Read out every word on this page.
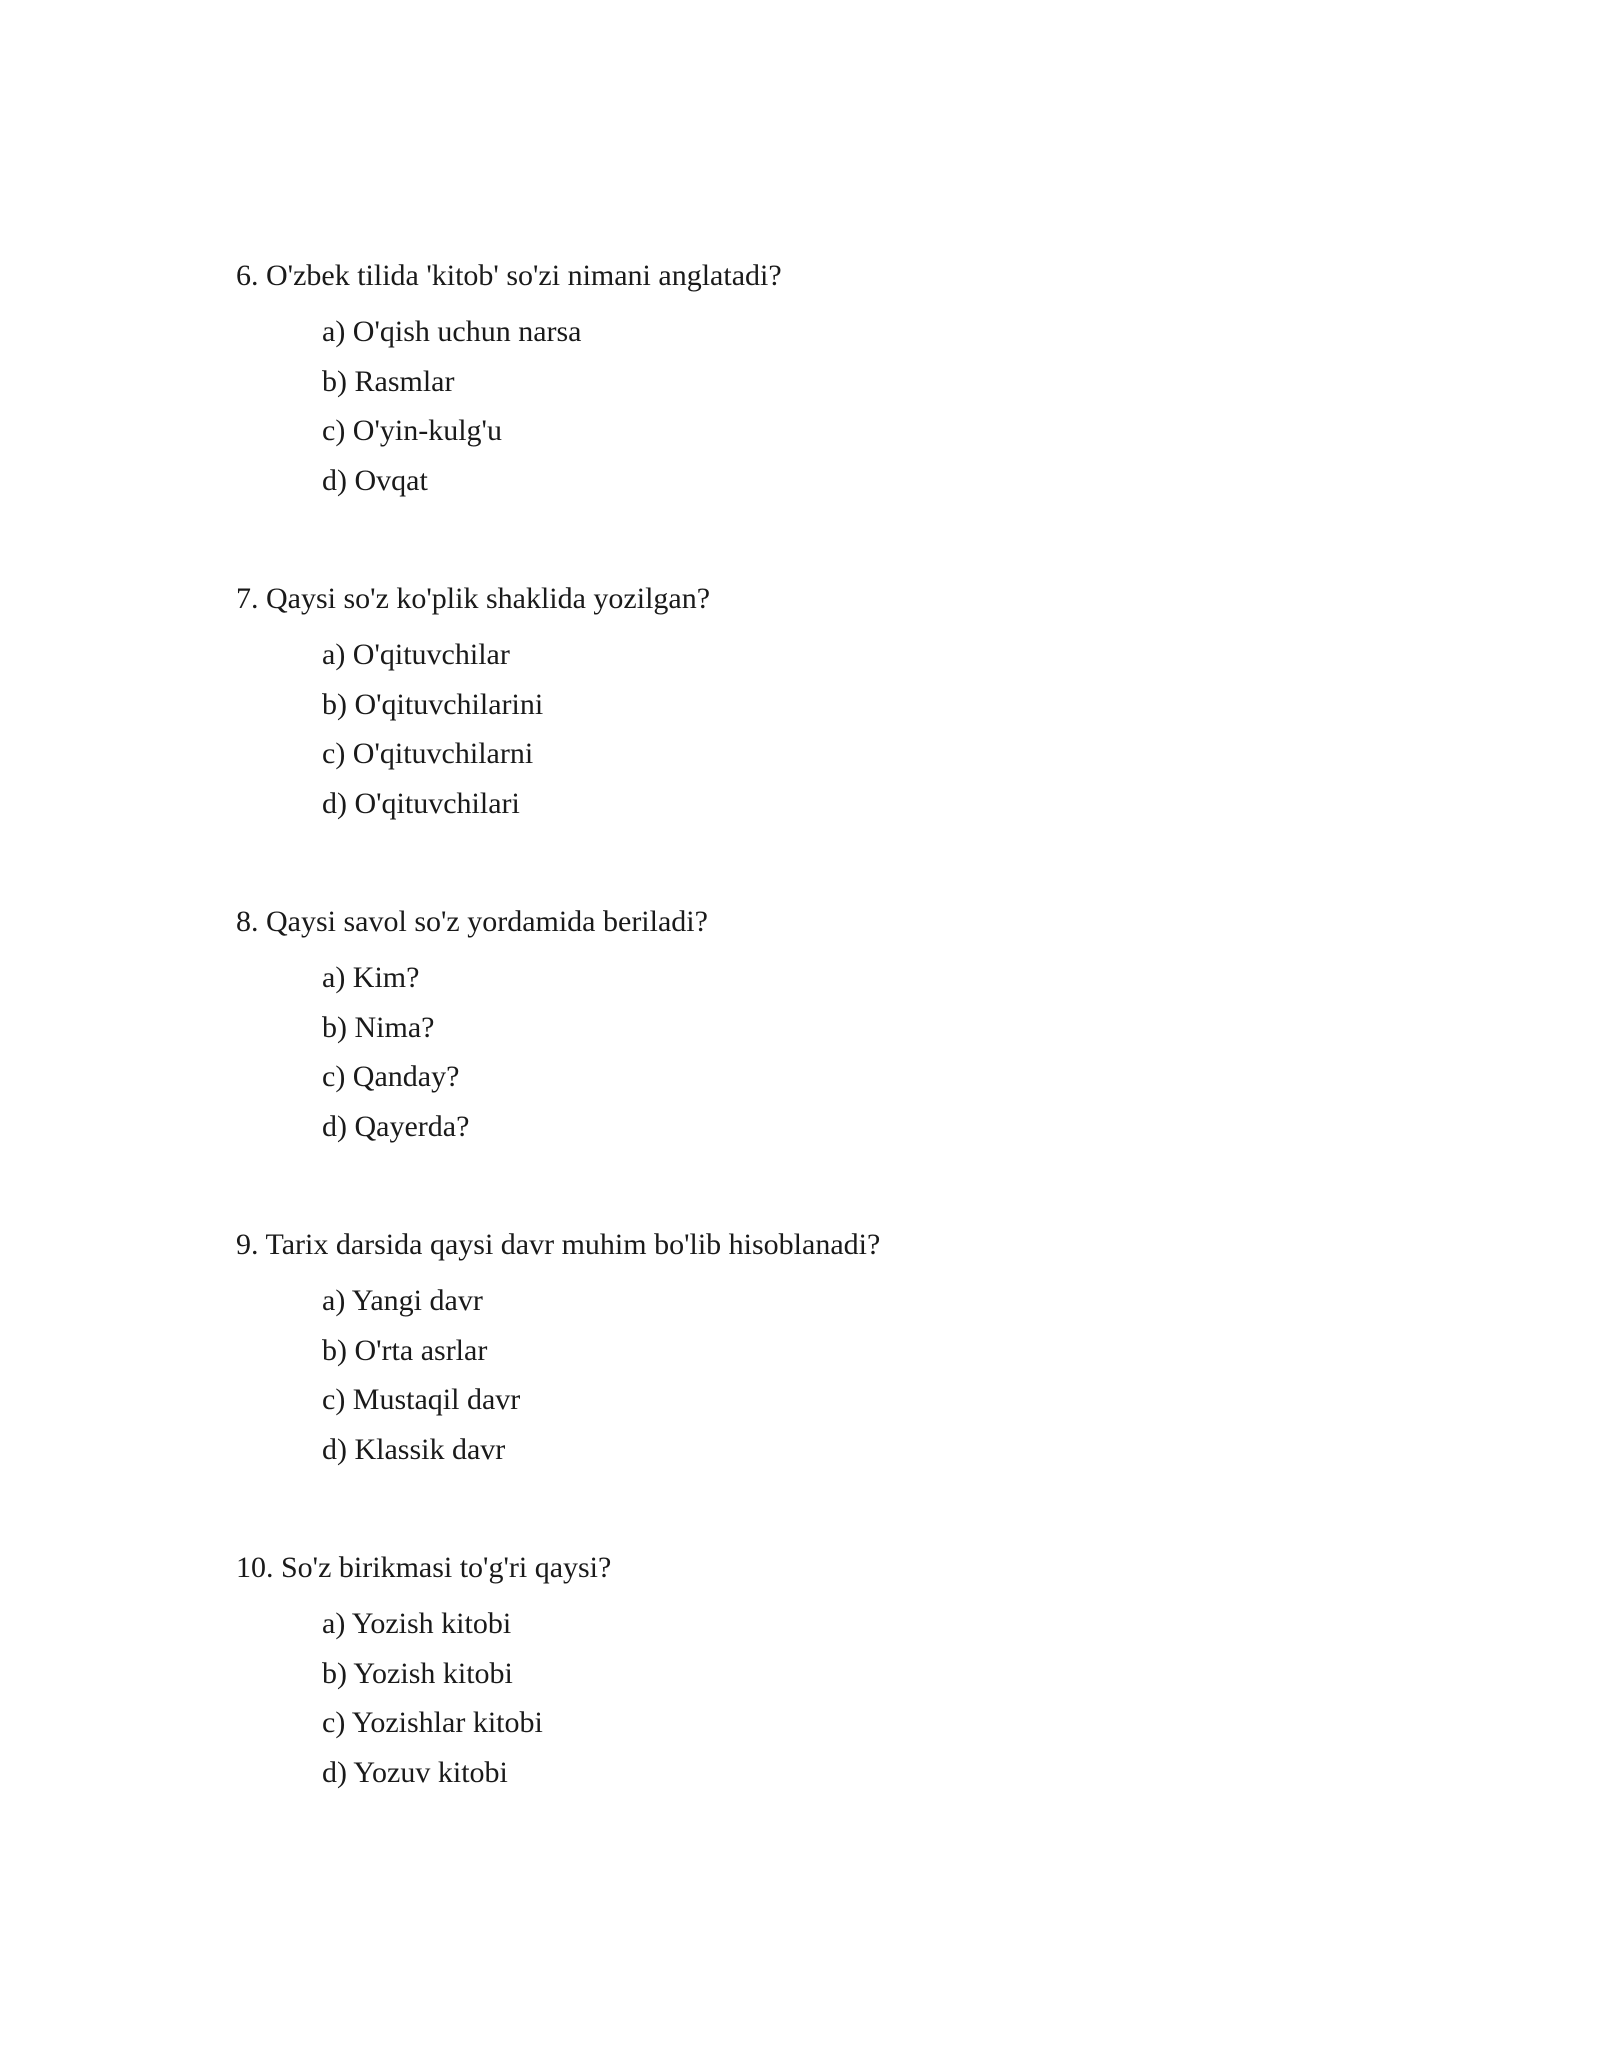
6. O'zbek tilida 'kitob' so'zi nimani anglatadi?
a) O'qish uchun narsa
b) Rasmlar
c) O'yin-kulg'u
d) Ovqat
7. Qaysi so'z ko'plik shaklida yozilgan?
a) O'qituvchilar
b) O'qituvchilarini
c) O'qituvchilarni
d) O'qituvchilari
8. Qaysi savol so'z yordamida beriladi?
a) Kim?
b) Nima?
c) Qanday?
d) Qayerda?
9. Tarix darsida qaysi davr muhim bo'lib hisoblanadi?
a) Yangi davr
b) O'rta asrlar
c) Mustaqil davr
d) Klassik davr
10. So'z birikmasi to'g'ri qaysi?
a) Yozish kitobi
b) Yozish kitobi
c) Yozishlar kitobi
d) Yozuv kitobi
